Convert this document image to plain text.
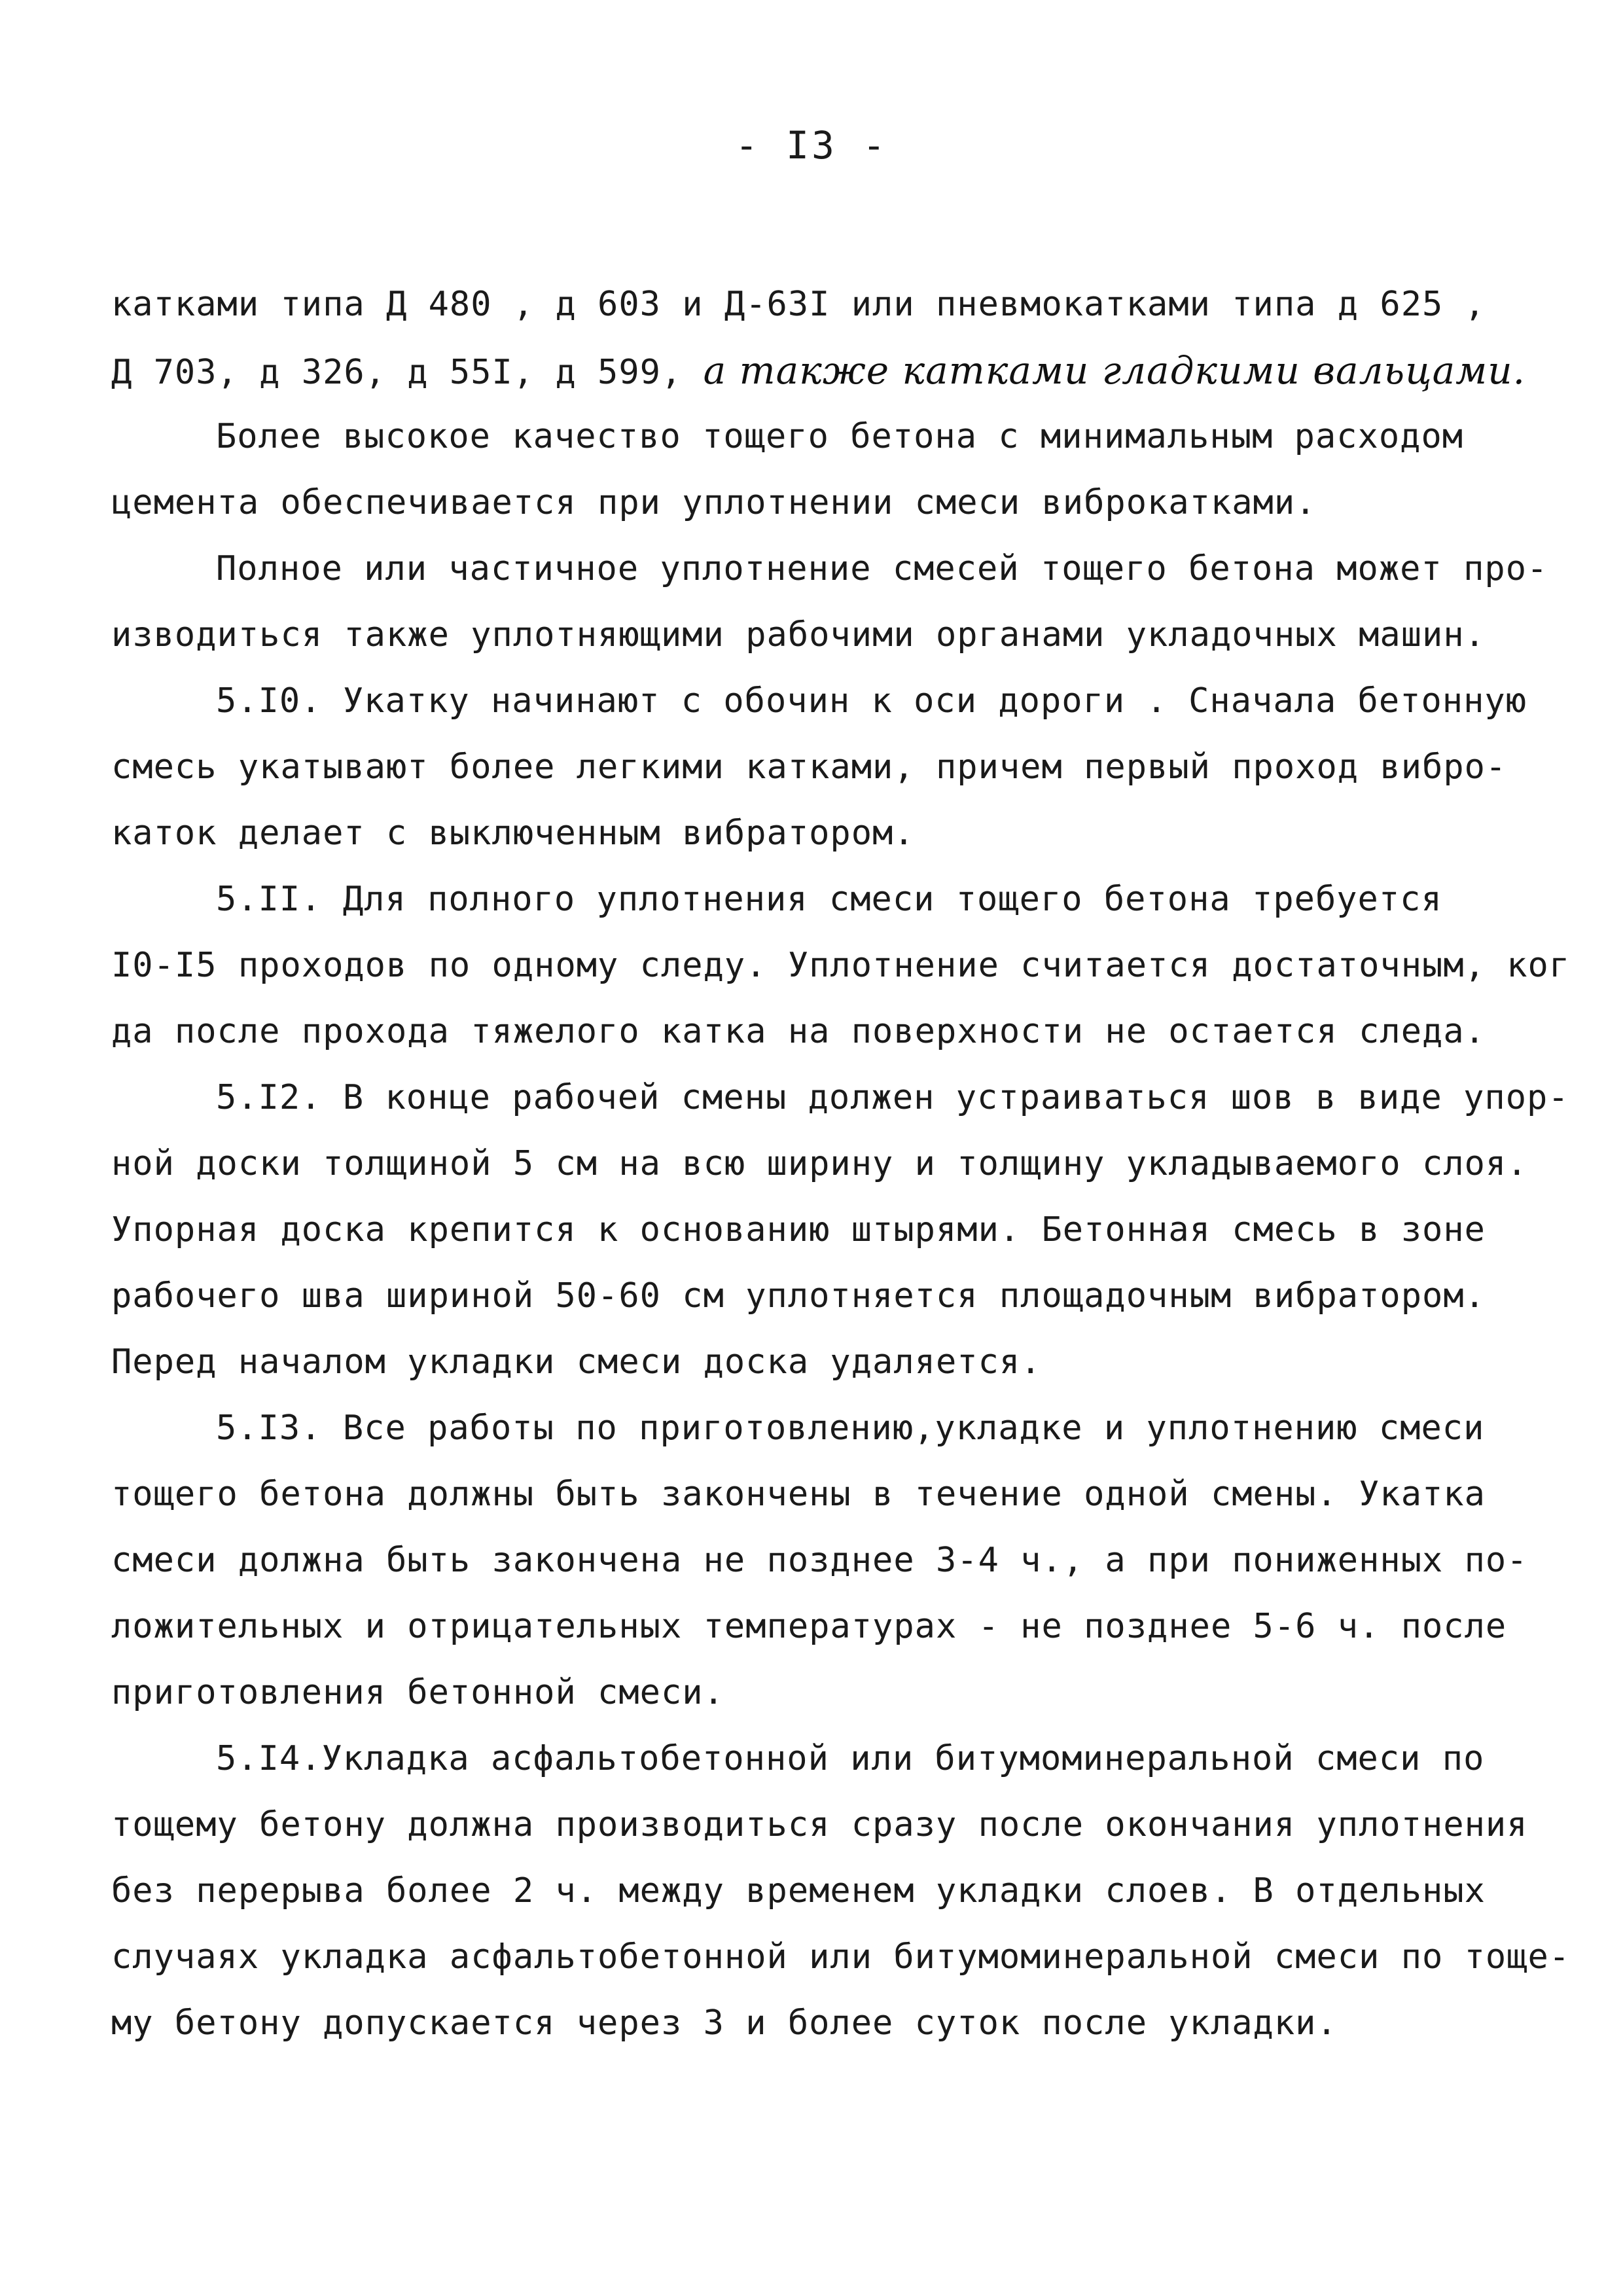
- I3 -
катками типа Д 480 , д 603 и Д-63I или пневмокатками типа д 625 ,
Д 703, д 326, д 55I, д 599, а также катками гладкими вальцами.
Более высокое качество тощего бетона с минимальным расходом
цемента обеспечивается при уплотнении смеси виброкатками.
Полное или частичное уплотнение смесей тощего бетона может про-
изводиться также уплотняющими рабочими органами укладочных машин.
5.I0. Укатку начинают с обочин к оси дороги . Сначала бетонную
смесь укатывают более легкими катками, причем первый проход вибро-
каток делает с выключенным вибратором.
5.II. Для полного уплотнения смеси тощего бетона требуется
I0-I5 проходов по одному следу. Уплотнение считается достаточным, ког
да после прохода тяжелого катка на поверхности не остается следа.
5.I2. В конце рабочей смены должен устраиваться шов в виде упор-
ной доски толщиной 5 см на всю ширину и толщину укладываемого слоя.
Упорная доска крепится к основанию штырями. Бетонная смесь в зоне
рабочего шва шириной 50-60 см уплотняется площадочным вибратором.
Перед началом укладки смеси доска удаляется.
5.I3. Все работы по приготовлению,укладке и уплотнению смеси
тощего бетона должны быть закончены в течение одной смены. Укатка
смеси должна быть закончена не позднее 3-4 ч., а при пониженных по-
ложительных и отрицательных температурах - не позднее 5-6 ч. после
приготовления бетонной смеси.
5.I4.Укладка асфальтобетонной или битумоминеральной смеси по
тощему бетону должна производиться сразу после окончания уплотнения
без перерыва более 2 ч. между временем укладки слоев. В отдельных
случаях укладка асфальтобетонной или битумоминеральной смеси по тоще-
му бетону допускается через 3 и более суток после укладки.
